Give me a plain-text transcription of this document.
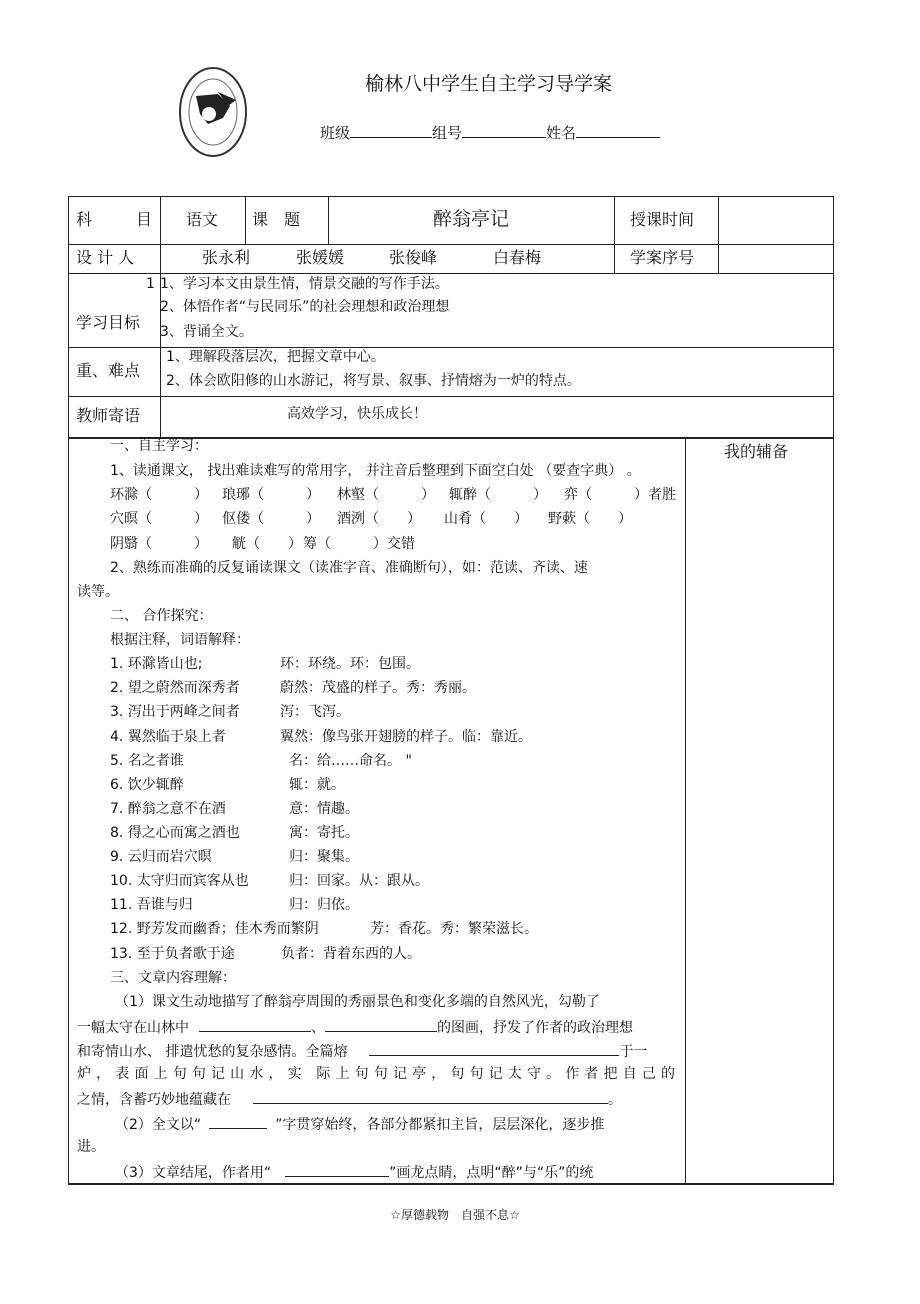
榆林八中学生自主学习导学案
班级	组号	姓名
科　　目 语文 课　题	醉翁亭记	授课时间
设 计 人	张永利	张媛媛	张俊峰	白春梅	学案序号
1
学习目标
1、学习本文由景生情，情景交融的写作手法。
2、体悟作者“与民同乐”的社会理想和政治理想
3、背诵全文。
重、难点
1、理解段落层次，把握文章中心。
2、体会欧阳修的山水游记，将写景、叙事、抒情熔为一炉的特点。
教师寄语	高效学习，快乐成长！
我的辅备
一、自主学习：
1、读通课文， 找出难读难写的常用字， 并注音后整理到下面空白处 （要查字典） 。
环滁（　　　） 琅琊（　　　） 林壑（　　　） 辄醉（　　　） 弈（　　　）者胜
穴暝（　　　） 伛偻（　　　） 酒洌（　　） 山肴（　　） 野蔌（　　）
阴翳（　　　） 觥（　　） 筹（　　　）交错
2、熟练而准确的反复诵读课文（读准字音、准确断句），如：范读、齐读、速
读等。
二、 合作探究：
根据注释，词语解释：
1. 环滁皆山也;	环：环绕。环：包围。
2. 望之蔚然而深秀者	蔚然：茂盛的样子。秀：秀丽。
3. 泻出于两峰之间者	泻：飞泻。
4. 翼然临于泉上者	翼然：像鸟张开翅膀的样子。临：靠近。
5. 名之者谁	名：给……命名。 "
6. 饮少辄醉	辄：就。
7. 醉翁之意不在酒	意：情趣。
8. 得之心而寓之酒也	寓：寄托。
9. 云归而岩穴暝	归：聚集。
10. 太守归而宾客从也	归：回家。从：跟从。
11. 吾谁与归	归：归依。
12. 野芳发而幽香；佳木秀而繁阴	芳：香花。秀：繁荣滋长。
13. 至于负者歌于途	负者：背着东西的人。
三、文章内容理解：
（1）课文生动地描写了醉翁亭周围的秀丽景色和变化多端的自然风光，勾勒了
一幅太守在山林中	、	的图画，抒发了作者的政治理想
和寄情山水、 排遣忧愁的复杂感情。全篇熔	于一
炉，表面上句句记山水，实 际上句句记亭，句句记太守。作者把自己的
之情，含蓄巧妙地蕴藏在	。
（2）全文以“	”字贯穿始终，各部分都紧扣主旨，层层深化，逐步推
进。
（3）文章结尾，作者用“	”画龙点睛，点明“醉”与“乐”的统
☆厚德载物　自强不息☆
